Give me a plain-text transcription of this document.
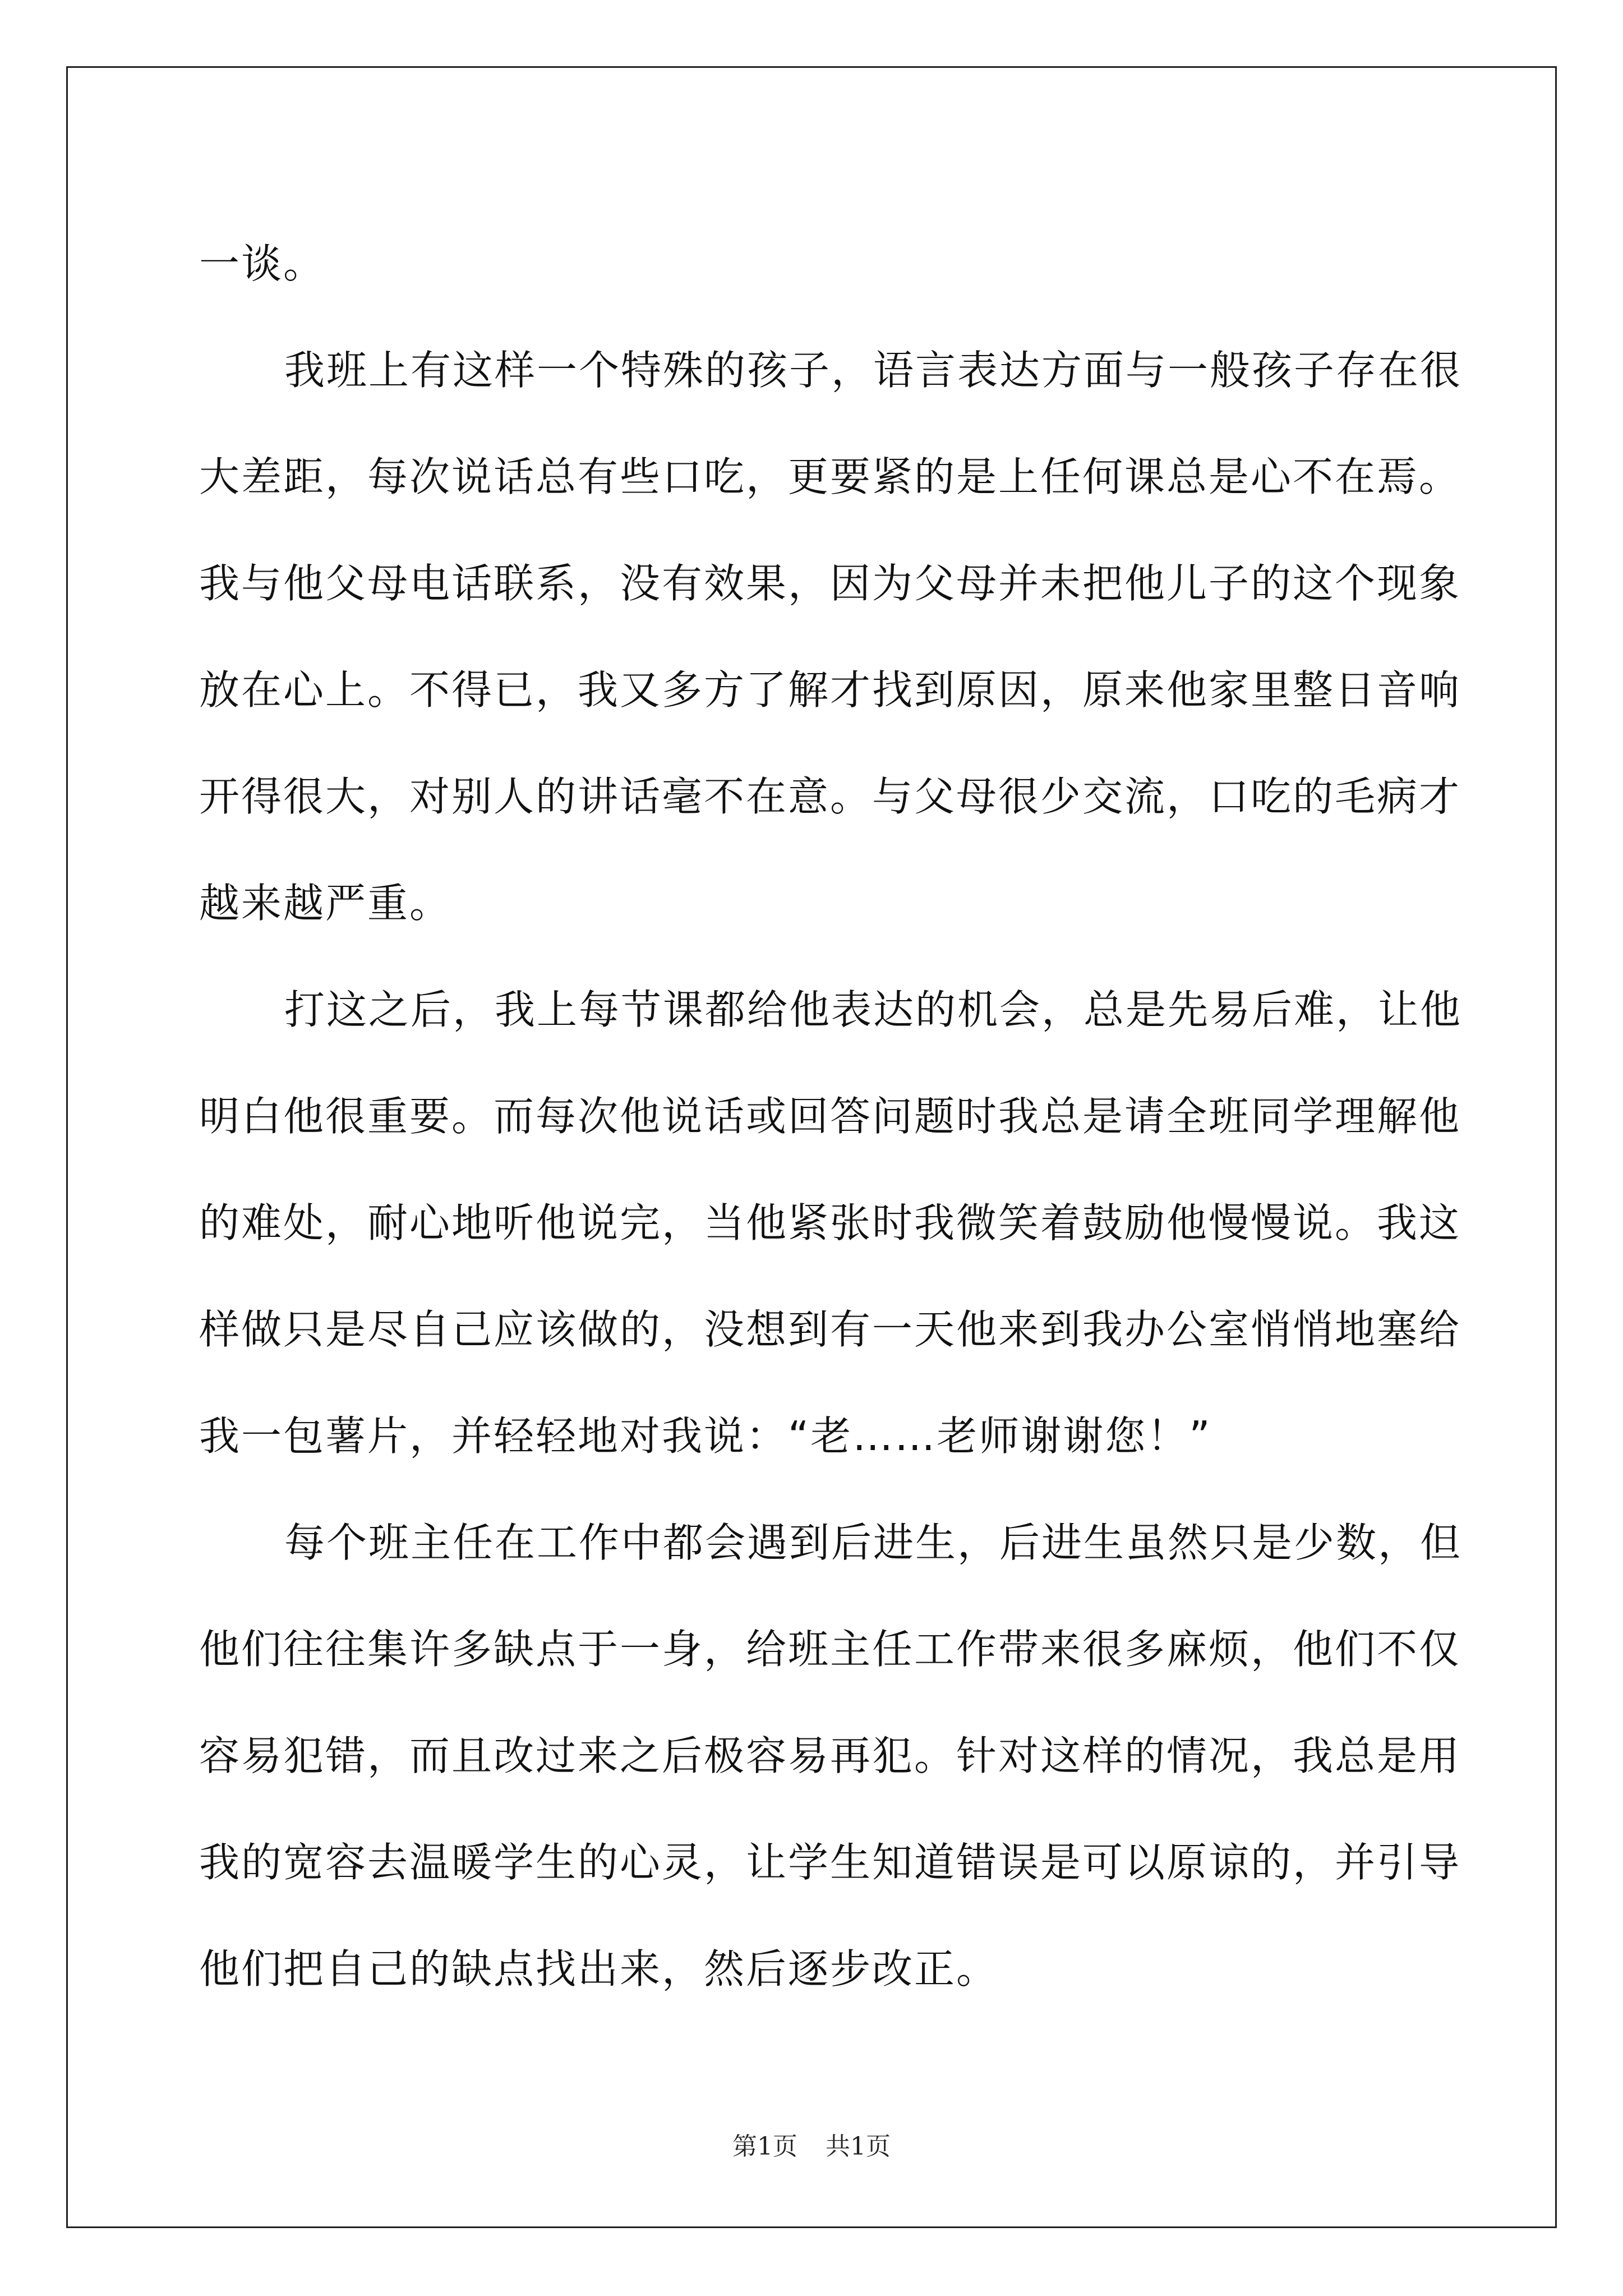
一谈。
我班上有这样一个特殊的孩子，语言表达方面与一般孩子存在很
大差距，每次说话总有些口吃，更要紧的是上任何课总是心不在焉。
我与他父母电话联系，没有效果，因为父母并未把他儿子的这个现象
放在心上。不得已，我又多方了解才找到原因，原来他家里整日音响
开得很大，对别人的讲话毫不在意。与父母很少交流，口吃的毛病才
越来越严重。
打这之后，我上每节课都给他表达的机会，总是先易后难，让他
明白他很重要。而每次他说话或回答问题时我总是请全班同学理解他
的难处，耐心地听他说完，当他紧张时我微笑着鼓励他慢慢说。我这
样做只是尽自己应该做的，没想到有一天他来到我办公室悄悄地塞给
我一包薯片，并轻轻地对我说：“老……老师谢谢您！”
每个班主任在工作中都会遇到后进生，后进生虽然只是少数，但
他们往往集许多缺点于一身，给班主任工作带来很多麻烦，他们不仅
容易犯错，而且改过来之后极容易再犯。针对这样的情况，我总是用
我的宽容去温暖学生的心灵，让学生知道错误是可以原谅的，并引导
他们把自己的缺点找出来，然后逐步改正。
第1页 共1页
